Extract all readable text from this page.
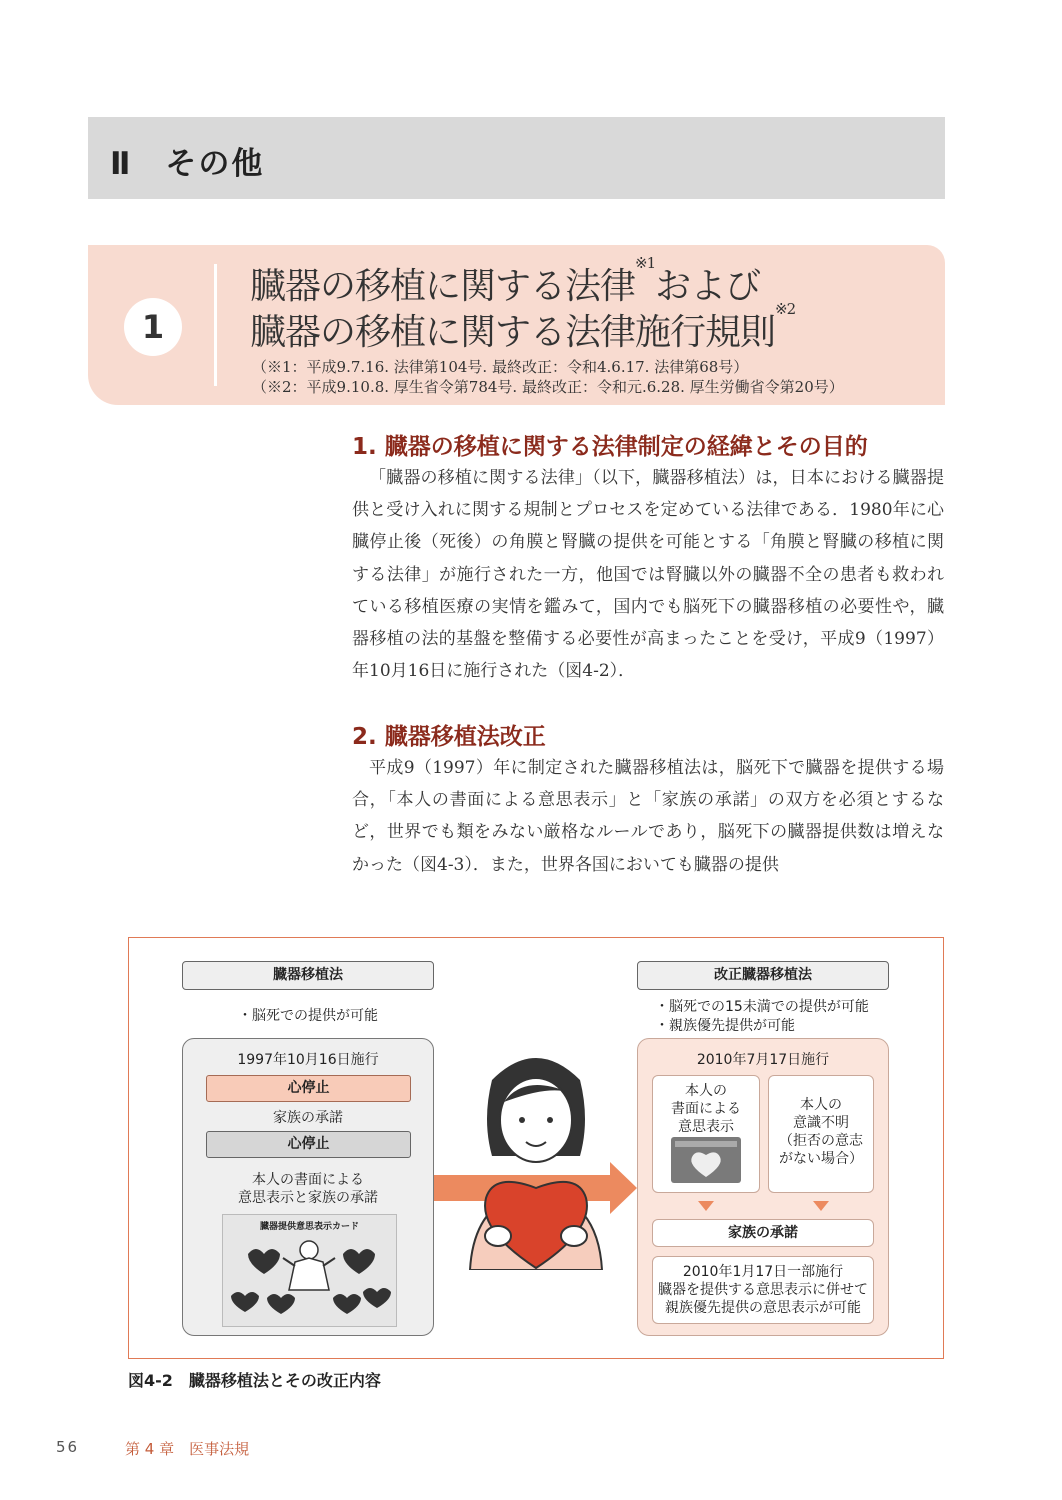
Ⅱ　その他
1
臓器の移植に関する法律$^{※1}$および
臓器の移植に関する法律施行規則$^{※2}$
（※1：平成9.7.16. 法律第104号. 最終改正：令和4.6.17. 法律第68号）
（※2：平成9.10.8. 厚生省令第784号. 最終改正：令和元.6.28. 厚生労働省令第20号）
1. 臓器の移植に関する法律制定の経緯とその目的
「臓器の移植に関する法律」（以下，臓器移植法）は，日本における臓器提供と受け入れに関する規制とプロセスを定めている法律である．1980年に心臓停止後（死後）の角膜と腎臓の提供を可能とする「角膜と腎臓の移植に関する法律」が施行された一方，他国では腎臓以外の臓器不全の患者も救われている移植医療の実情を鑑みて，国内でも脳死下の臓器移植の必要性や，臓器移植の法的基盤を整備する必要性が高まったことを受け，平成9（1997）年10月16日に施行された（図4-2）．
2. 臓器移植法改正
平成9（1997）年に制定された臓器移植法は，脳死下で臓器を提供する場合，「本人の書面による意思表示」と「家族の承諾」の双方を必須とするなど，世界でも類をみない厳格なルールであり，脳死下の臓器提供数は増えなかった（図4-3）．また，世界各国においても臓器の提供
臓器移植法	改正臓器移植法
・脳死での提供が可能
・脳死での15未満での提供が可能
・親族優先提供が可能
1997年10月16日施行
心停止
家族の承諾
心停止
本人の書面による
意思表示と家族の承諾
臓器提供意思表示カード
2010年7月17日施行
本人の
書面による
意思表示
本人の
意識不明
（拒否の意志
がない場合）
家族の承諾
2010年1月17日一部施行
臓器を提供する意思表示に併せて
親族優先提供の意思表示が可能
図4-2　臓器移植法とその改正内容
56	第 4 章　医事法規
